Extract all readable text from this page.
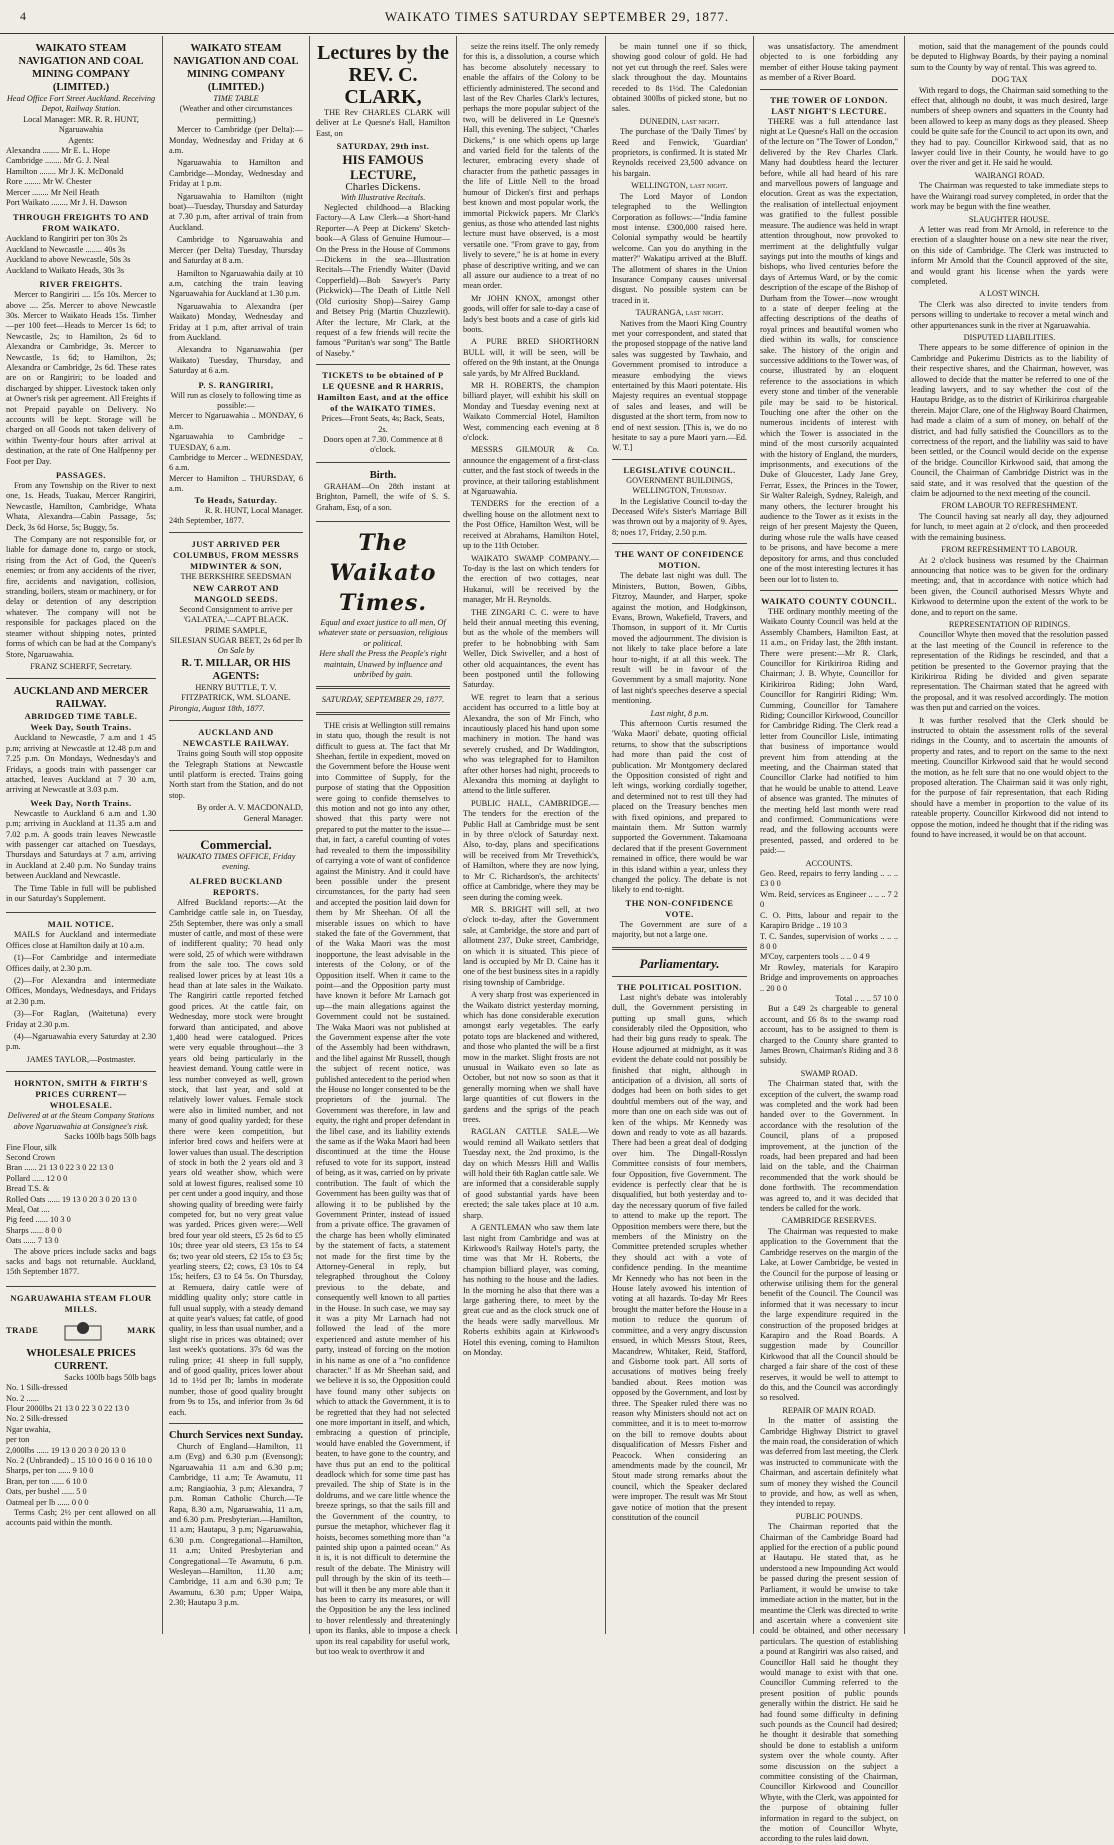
4	WAIKATO TIMES SATURDAY SEPTEMBER 29, 1877.
WAIKATO STEAM NAVIGATION AND COAL MINING COMPANY (LIMITED.)
Head Office Fort Street Auckland. Receiving Depot, Railway Station.
Local Manager: MR. R. R. HUNT, Ngaruawahia
Agents:
Alexandra ........ Mr E. L. Hope
Cambridge ........ Mr G. J. Neal
Hamilton ........ Mr J. K. McDonald
Rore ........ Mr W. Chester
Mercer ........ Mr Neil Heath
Port Waikato ........ Mr J. H. Dawson
THROUGH FREIGHTS TO AND FROM WAIKATO.
Auckland to Rangiriri per ton 30s 2s
Auckland to Newcastle ........ 40s 3s
Auckland to above Newcastle, 50s 3s
Auckland to Waikato Heads, 30s 3s
RIVER FREIGHTS.
Mercer to Rangiriri .... 15s 10s. Mercer to above .... 25s. Mercer to above Newcastle 30s. Mercer to Waikato Heads 15s. Timber—per 100 feet—Heads to Mercer 1s 6d; to Newcastle, 2s; to Hamilton, 2s 6d to Alexandra or Cambridge, 3s. Mercer to Newcastle, 1s 6d; to Hamilton, 2s; Alexandra or Cambridge, 2s 6d. These rates are on or Rangiriri; to be loaded and discharged by shipper. Livestock taken only at Owner's risk per agreement. All Freights if not Prepaid payable on Delivery. No accounts will be kept. Storage will be charged on all Goods not taken delivery of within Twenty-four hours after arrival at destination, at the rate of One Halfpenny per Foot per Day.
PASSAGES.
From any Township on the River to next one, 1s. Heads, Tuakau, Mercer Rangiriri, Newcastle, Hamilton, Cambridge, Whata Whata, Alexandra—Cabin Passage, 5s; Deck, 3s 6d Horse, 5s; Buggy, 5s.
The Company are not responsible for, or liable for damage done to, cargo or stock, rising from the Act of God, the Queen's enemies; or from any accidents of the river, fire, accidents and navigation, collision, stranding, boilers, steam or machinery, or for delay or detention of any description whatever. The company will not be responsible for packages placed on the steamer without shipping notes, printed forms of which can be had at the Company's Store, Ngaruawahia.
FRANZ SCHERFF, Secretary.
AUCKLAND AND MERCER RAILWAY.
ABRIDGED TIME TABLE.
Week Day, South Trains.
Auckland to Newcastle, 7 a.m and 1 45 p.m; arriving at Newcastle at 12.48 p.m and 7.25 p.m. On Mondays, Wednesday's and Fridays, a goods train with passenger car attached, leaves Auckland at 7 30 a.m, arriving at Newcastle at 3.03 p.m.
Week Day, North Trains.
Newcastle to Auckland 6 a.m and 1.30 p.m; arriving in Auckland at 11.35 a.m and 7.02 p.m. A goods train leaves Newcastle with passenger car attached on Tuesdays, Thursdays and Saturdays at 7 a.m, arriving in Auckland at 2.40 p.m. No Sunday trains between Auckland and Newcastle.
The Time Table in full will be published in our Saturday's Supplement.
MAIL NOTICE.
MAILS for Auckland and intermediate Offices close at Hamilton daily at 10 a.m.
(1)—For Cambridge and intermediate Offices daily, at 2.30 p.m.
(2)—For Alexandra and intermediate Offices, Mondays, Wednesdays, and Fridays at 2.30 p.m.
(3)—For Raglan, (Waitetuna) every Friday at 2.30 p.m.
(4)—Ngaruawahia every Saturday at 2.30 p.m.
JAMES TAYLOR,—Postmaster.
HORNTON, SMITH & FIRTH'S PRICES CURRENT—WHOLESALE.
Delivered at at the Steam Company Stations above Ngaruawahia at Consignee's risk.
Sacks 100lb bags 50lb bags
Fine Flour, silk
Second Crown
Bran ...... 21 13 0 22 3 0 22 13 0
Pollard ...... 12 0 0
Bread T.S. &
Rolled Oats ...... 19 13 0 20 3 0 20 13 0
Meal, Oat ....
Pig feed ...... 10 3 0
Sharps ...... 8 0 0
Oats ...... 7 13 0
The above prices include sacks and bags sacks and bags not returnable. Auckland, 15th September 1877.
NGARUAWAHIA STEAM FLOUR MILLS.
TRADE	MARK
WHOLESALE PRICES CURRENT.
Sacks 100lb bags 50lb bags
No. 1 Silk-dressed
No. 2 ......
Flour 2000lbs 21 13 0 22 3 0 22 13 0
No. 2 Silk-dressed
Ngar uwahia,
per ton
2,000lbs ...... 19 13 0 20 3 0 20 13 0
No. 2 (Unbranded) .. 15 10 0 16 0 0 16 10 0
Sharps, per ton ...... 9 10 0
Bran, per ton ...... 6 10 0
Oats, per bushel ...... 5 0
Oatmeal per lb ...... 0 0 0
Terms Cash; 2½ per cent allowed on all accounts paid within the month.
WAIKATO STEAM NAVIGATION AND COAL MINING COMPANY (LIMITED.)
TIME TABLE
(Weather and other circumstances permitting.)
Mercer to Cambridge (per Delta):—Monday, Wednesday and Friday at 6 a.m.
Ngaruawahia to Hamilton and Cambridge—Monday, Wednesday and Friday at 1 p.m.
Ngaruawahia to Hamilton (night boat)—Tuesday, Thursday and Saturday at 7.30 p.m, after arrival of train from Auckland.
Cambridge to Ngaruawahia and Mercer (per Delta) Tuesday, Thursday and Saturday at 8 a.m.
Hamilton to Ngaruawahia daily at 10 a.m, catching the train leaving Ngaruawahia for Auckland at 1.30 p.m.
Ngaruawahia to Alexandra (per Waikato) Monday, Wednesday and Friday at 1 p.m, after arrival of train from Auckland.
Alexandra to Ngaruawahia (per Waikato) Tuesday, Thursday, and Saturday at 6 a.m.
P. S. RANGIRIRI,
Will run as closely to following time as possible:—
Mercer to Ngaruawahia .. MONDAY, 6 a.m.
Ngaruawahia to Cambridge .. TUESDAY, 6 a.m.
Cambridge to Mercer .. WEDNESDAY, 6 a.m.
Mercer to Hamilton .. THURSDAY, 6 a.m.
To Heads, Saturday.
R. R. HUNT, Local Manager.
24th September, 1877.
JUST ARRIVED PER COLUMBUS, FROM MESSRS MIDWINTER & SON,
THE BERKSHIRE SEEDSMAN
NEW CARROT AND MANGOLD SEEDS.
Second Consignment to arrive per 'GALATEA,'—CAPT BLACK.
PRIME SAMPLE,
SILESIAN SUGAR BEET, 2s 6d per lb
On Sale by
R. T. MILLAR, OR HIS AGENTS:
HENRY BUTTLE, T. V. FITZPATRICK, WM. SLOANE.
Pirongia, August 18th, 1877.
AUCKLAND AND NEWCASTLE RAILWAY.
Trains going South will stop opposite the Telegraph Stations at Newcastle until platform is erected. Trains going North start from the Station, and do not stop.
By order A. V. MACDONALD, General Manager.
Commercial.
WAIKATO TIMES OFFICE, Friday evening.
ALFRED BUCKLAND REPORTS.
Alfred Buckland reports:—At the Cambridge cattle sale in, on Tuesday, 25th September, there was only a small muster of cattle, and most of these were of indifferent quality; 70 head only were sold, 25 of which were withdrawn from the sale too. The cows sold realised lower prices by at least 10s a head than at late sales in the Waikato. The Rangiriri cattle reported fetched good prices. At the cattle fair, on Wednesday, more stock were brought forward than anticipated, and above 1,400 head were catalogued. Prices were very equable throughout—the 3 years old being particularly in the heaviest demand. Young cattle were in less number conveyed as well, grown stock, that last year, and sold at relatively lower values. Female stock were also in limited number, and not many of good quality yarded; for these there were keen competition, but inferior bred cows and heifers were at lower values than usual. The description of stock in both the 2 years old and 3 years old weather show, which were sold at lowest figures, realised some 10 per cent under a good inquiry, and those showing quality of breeding were fairly competed for, but no very great value was yarded. Prices given were:—Well bred four year old steers, £5 2s 6d to £5 10s; three year old steers, £3 15s to £4 6s; two year old steers, £2 15s to £3 5s; yearling steers, £2; cows, £3 10s to £4 15s; heifers, £3 to £4 5s. On Thursday, at Remuera, dairy cattle were of middling quality only; store cattle in full usual supply, with a steady demand at quite year's values; fat cattle, of good quality, in less than usual number, and a slight rise in prices was obtained; over last week's quotations. 37s 6d was the ruling price; 41 sheep in full supply, and of good quality, prices lower about 1d to 1½d per lb; lambs in moderate number, those of good quality brought from 9s to 15s, and inferior from 3s 6d each.
Church Services next Sunday.
Church of England—Hamilton, 11 a.m (Evg) and 6.30 p.m (Evensong); Ngaruawahia 11 a.m and 6.30 p.m; Cambridge, 11 a.m; Te Awamutu, 11 a.m; Rangiaohia, 3 p.m; Alexandra, 7 p.m. Roman Catholic Church.—Te Rapa, 8.30 a.m, Ngaruawahia, 11 a.m, and 6.30 p.m. Presbyterian.—Hamilton, 11 a.m; Hautapu, 3 p.m; Ngaruawahia, 6.30 p.m. Congregational—Hamilton, 11 a.m; United Presbyterian and Congregational—Te Awamutu, 6 p.m. Wesleyan—Hamilton, 11.30 a.m; Cambridge, 11 a.m and 6.30 p.m; Te Awamutu, 6.30 p.m; Upper Waipa, 2.30; Hautapu 3 p.m.
Lectures by the
REV. C. CLARK,
THE Rev CHARLES CLARK will deliver at Le Quesne's Hall, Hamilton East, on
SATURDAY, 29th inst.
HIS FAMOUS LECTURE,
Charles Dickens.
With Illustrative Recitals.
Neglected childhood—a Blacking Factory—A Law Clerk—a Short-hand Reporter—A Peep at Dickens' Sketch-book—A Glass of Genuine Humour—On the Press in the House of Commons—Dickens in the sea—Illustration Recitals—The Friendly Waiter (David Copperfield)—Bob Sawyer's Party (Pickwick)—The Death of Little Nell (Old curiosity Shop)—Sairey Gamp and Betsey Prig (Martin Chuzzlewit). After the lecture, Mr Clark, at the request of a few friends will recite the famous "Puritan's war song" The Battle of Naseby."
TICKETS to be obtained of P LE QUESNE and R HARRIS, Hamilton East, and at the office of the WAIKATO TIMES.
Prices—Front Seats, 4s; Back, Seats, 2s.
Doors open at 7.30. Commence at 8 o'clock.
Birth.
GRAHAM—On 28th instant at Brighton, Parnell, the wife of S. S. Graham, Esq, of a son.
The Waikato Times.
Equal and exact justice to all men, Of whatever state or persuasion, religious or political.
Here shall the Press the People's right maintain, Unawed by influence and unbribed by gain.
SATURDAY, SEPTEMBER 29, 1877.
THE crisis at Wellington still remains in statu quo, though the result is not difficult to guess at. The fact that Mr Sheehan, fertile in expedient, moved on the Government before the House went into Committee of Supply, for the purpose of stating that the Opposition were going to confide themselves to this motion and not go into any other, showed that this party were not prepared to put the matter to the issue—that, in fact, a careful counting of votes had revealed to them the impossibility of carrying a vote of want of confidence against the Ministry. And it could have been possible under the present circumstances, for the party had seen and accepted the position laid down for them by Mr Sheehan. Of all the miserable issues on which to have staked the fate of the Government, that of the Waka Maori was the most inopportune, the least advisable in the interests of the Colony, or of the Opposition itself. When it came to the point—and the Opposition party must have known it before Mr Larnach got up—the main allegations against the Government could not be sustained. The Waka Maori was not published at the Government expense after the vote of the Assembly had been withdrawn, and the libel against Mr Russell, though the subject of recent notice, was published antecedent to the period when the House no longer consented to be the proprietors of the journal. The Government was therefore, in law and equity, the right and proper defendant in the libel case, and its liability extends the same as if the Waka Maori had been discontinued at the time the House refused to vote for its support, instead of being, as it was, carried on by private contribution. The fault of which the Government has been guilty was that of allowing it to be published by the Government Printer, instead of issued from a private office. The gravamen of the charge has been wholly eliminated by the statement of facts, a statement not made for the first time by the Attorney-General in reply, but telegraphed throughout the Colony previous to the debate, and consequently well known to all parties in the House. In such case, we may say it was a pity Mr Larnach had not followed the lead of the more experienced and astute member of his party, instead of forcing on the motion in his name as one of a "no confidence character." If as Mr Sheehan said, and we believe it is so, the Opposition could have found many other subjects on which to attack the Government, it is to be regretted that they had not selected one more important in itself, and which, embracing a question of principle, would have enabled the Government, if beaten, to have gone to the country, and have thus put an end to the political deadlock which for some time past has prevailed. The ship of State is in the doldrums, and we care little whence the breeze springs, so that the sails fill and the Government of the country, to pursue the metaphor, whichever flag it hoists, becomes something more than "a painted ship upon a painted ocean." As it is, it is not difficult to determine the result of the debate. The Ministry will pull through by the skin of its teeth—but will it then be any more able than it has been to carry its measures, or will the Opposition be any the less inclined to hover relentlessly and threateningly upon its flanks, able to impose a check upon its real capability for useful work, but too weak to overthrow it and
seize the reins itself. The only remedy for this is, a dissolution, a course which has become absolutely necessary to enable the affairs of the Colony to be efficiently administered. The second and last of the Rev Charles Clark's lectures, perhaps the more popular subject of the two, will be delivered in Le Quesne's Hall, this evening. The subject, "Charles Dickens," is one which opens up large and varied field for the talents of the lecturer, embracing every shade of character from the pathetic passages in the life of Little Nell to the broad humour of Dicken's first and perhaps best known and most popular work, the immortal Pickwick papers. Mr Clark's genius, as those who attended last nights lecture must have observed, is a most versatile one. "From grave to gay, from lively to severe," he is at home in every phase of descriptive writing, and we can all assure our audience to a treat of no mean order.
Mr JOHN KNOX, amongst other goods, will offer for sale to-day a case of lady's best boots and a case of girls kid boots.
A PURE BRED SHORTHORN BULL will, it will be seen, will be offered on the 9th instant, at the Onunga sale yards, by Mr Alfred Buckland.
MR H. ROBERTS, the champion billiard player, will exhibit his skill on Monday and Tuesday evening next at Waikato Commercial Hotel, Hamilton West, commencing each evening at 8 o'clock.
MESSRS GILMOUR & Co. announce the engagement of a first-class cutter, and the fast stock of tweeds in the province, at their tailoring establishment at Ngaruawahia.
TENDERS for the erection of a dwelling house on the allotment next to the Post Office, Hamilton West, will be received at Abrahams, Hamilton Hotel, up to the 11th October.
WAIKATO SWAMP COMPANY.—To-day is the last on which tenders for the erection of two cottages, near Hukanui, will be received by the manager, Mr H. Reynolds.
THE ZINGARI C. C. were to have held their annual meeting this evening, but as the whole of the members will prefer to be hobnobbing with Sam Weller, Dick Swiveller, and a host of other old acquaintances, the event has been postponed until the following Saturday.
WE regret to learn that a serious accident has occurred to a little boy at Alexandra, the son of Mr Finch, who incautiously placed his hand upon some machinery in motion. The hand was severely crushed, and Dr Waddington, who was telegraphed for to Hamilton after other horses had night, proceeds to Alexandra this morning at daylight to attend to the little sufferer.
PUBLIC HALL, CAMBRIDGE.—The tenders for the erection of the Public Hall at Cambridge must be sent in by three o'clock of Saturday next. Also, to-day, plans and specifications will be received from Mr Trevethick's, of Hamilton, where they are now lying, to Mr C. Richardson's, the architects' office at Cambridge, where they may be seen during the coming week.
MR S. BRIGHT will sell, at two o'clock to-day, after the Government sale, at Cambridge, the store and part of allotment 237, Duke street, Cambridge, on which it is situated. This piece of land is occupied by Mr D. Caine has it one of the best business sites in a rapidly rising township of Cambridge.
A very sharp frost was experienced in the Waikato district yesterday morning, which has done considerable execution amongst early vegetables. The early potato tops are blackened and withered, and those who planted the will be a first mow in the market. Slight frosts are not unusual in Waikato even so late as October, but not now so soon as that it generally morning when we shall have large quantities of cut flowers in the gardens and the sprigs of the peach trees.
RAGLAN CATTLE SALE.—We would remind all Waikato settlers that Tuesday next, the 2nd proximo, is the day on which Messrs Hill and Wallis will hold their 6th Raglan cattle sale. We are informed that a considerable supply of good substantial yards have been erected; the sale takes place at 10 a.m. sharp.
A GENTLEMAN who saw them late last night from Cambridge and was at Kirkwood's Railway Hotel's party, the time was that Mr H. Roberts, the champion billiard player, was coming, has nothing to the house and the ladies. In the morning he also that there was a large gathering there, to meet by the great cue and as the clock struck one of the heads were sadly marvellous. Mr Roberts exhibits again at Kirkwood's Hotel this evening, coming to Hamilton on Monday.
be main tunnel one if so thick, showing good colour of gold. He had not yet cut through the reef. Sales were slack throughout the day. Mountains receded to 8s 1½d. The Caledonian obtained 300lbs of picked stone, but no sales.
DUNEDIN, last night.
The purchase of the 'Daily Times' by Reed and Fenwick, 'Guardian' proprietors, is confirmed. It is stated Mr Reynolds received 23,500 advance on his bargain.
WELLINGTON, last night.
The Lord Mayor of London telegraphed to the Wellington Corporation as follows:—"India famine most intense. £300,000 raised here. Colonial sympathy would be heartily welcome. Can you do anything in the matter?" Wakatipu arrived at the Bluff. The allotment of shares in the Union Insurance Company causes universal disgust. No possible system can be traced in it.
TAURANGA, last night.
Natives from the Maori King Country met your correspondent, and stated that the proposed stoppage of the native land sales was suggested by Tawhaio, and Government promised to introduce a measure embodying the views entertained by this Maori potentate. His Majesty requires an eventual stoppage of sales and leases, and will be disgusted at the short term, from now to end of next session. [This is, we do no hesitate to say a pure Maori yarn.—Ed. W. T.]
LEGISLATIVE COUNCIL.
GOVERNMENT BUILDINGS, WELLINGTON, Thursday.
In the Legislative Council to-day the Deceased Wife's Sister's Marriage Bill was thrown out by a majority of 9. Ayes, 8; noes 17, Friday, 2.50 p.m.
THE WANT OF CONFIDENCE MOTION.
The debate last night was dull. The Ministers, Button, Bowen, Gibbs, Fitzroy, Maunder, and Harper, spoke against the motion, and Hodgkinson, Evans, Brown, Wakefield, Travers, and Thomson, in support of it. Mr Curtis moved the adjournment. The division is not likely to take place before a late hour to-night, if at all this week. The result will be in favour of the Government by a small majority. None of last night's speeches deserve a special mentioning.
Last night, 8 p.m.
This afternoon Curtis resumed the 'Waka Maori' debate, quoting official returns, to show that the subscriptions had more than paid the cost of publication. Mr Montgomery declared the Opposition consisted of right and left wings, working cordially together, and determined not to rest till they had placed on the Treasury benches men with fixed opinions, and prepared to maintain them. Mr Sutton warmly supported the Government. Takamoana declared that if the present Government remained in office, there would be war in this island within a year, unless they changed the policy. The debate is not likely to end to-night.
THE NON-CONFIDENCE VOTE.
The Government are sure of a majority, but not a large one.
Parliamentary.
THE POLITICAL POSITION.
Last night's debate was intolerably dull, the Government persisting in putting up small guns, which considerably riled the Opposition, who had their big guns ready to speak. The House adjourned at midnight, as it was evident the debate could not possibly be finished that night, although in anticipation of a division, all sorts of dodges had been on both sides to get doubtful members out of the way, and more than one on each side was out of ken of the whips. Mr Kennedy was down and ready to vote as all hazards. There had been a great deal of dodging over him. The Dingall-Rosslyn Committee consists of four members, four Opposition, five Government. The evidence is perfectly clear that he is disqualified, but both yesterday and to-day the necessary quorum of five failed to attend to make up the report. The Opposition members were there, but the members of the Ministry on the Committee pretended scruples whether they should act with a vote of confidence pending. In the meantime Mr Kennedy who has not been in the House lately avowed his intention of voting at all hazards. To-day Mr Rees brought the matter before the House in a motion to reduce the quorum of committee, and a very angry discussion ensued, in which Messrs Stout, Rees, Macandrew, Whitaker, Reid, Stafford, and Gisborne took part. All sorts of accusations of motives being freely bandied about. Rees motion was opposed by the Government, and lost by three. The Speaker ruled there was no reason why Ministers should not act on committee, and it is to meet to-morrow on the bill to remove doubts about disqualification of Messrs Fisher and Peacock. When considering an amendments made by the council, Mr Stout made strong remarks about the council, which the Speaker declared were improper. The result was Mr Stout gave notice of motion that the present constitution of the council
was unsatisfactory. The amendment objected to is one forbidding any member of either House taking payment as member of a River Board.
THE TOWER OF LONDON.
LAST NIGHT'S LECTURE.
THERE was a full attendance last night at Le Quesne's Hall on the occasion of the lecture on "The Tower of London," delivered by the Rev Charles Clark. Many had doubtless heard the lecturer before, while all had heard of his rare and marvellous powers of language and elocution. Great as was the expectation, the realisation of intellectual enjoyment was gratified to the fullest possible measure. The audience was held in wrapt attention throughout, now provoked to merriment at the delightfully vulgar sayings put into the mouths of kings and bishops, who lived centuries before the days of Artemus Ward, or by the comic description of the escape of the Bishop of Durham from the Tower—now wrought to a state of deeper feeling at the affecting descriptions of the deaths of royal princes and beautiful women who died within its walls, for conscience sake. The history of the origin and successive additions to the Tower was, of course, illustrated by an eloquent reference to the associations in which every stone and timber of the venerable pile may be said to be historical. Touching one after the other on the numerous incidents of interest with which the Tower is associated in the mind of the most cursorily acquainted with the history of England, the murders, imprisonments, and executions of the Duke of Gloucester, Lady Jane Grey, Ferrar, Essex, the Princes in the Tower, Sir Walter Raleigh, Sydney, Raleigh, and many others, the lecturer brought his audience to the Tower as it exists in the reign of her present Majesty the Queen, during whose rule the walls have ceased to be prisons, and have become a mere depository for arms, and thus concluded one of the most interesting lectures it has been our lot to listen to.
WAIKATO COUNTY COUNCIL.
THE ordinary monthly meeting of the Waikato County Council was held at the Assembly Chambers, Hamilton East, at 11 a.m., on Friday last, the 28th instant. There were present:—Mr R. Clark, Councillor for Kirikiriroa Riding and Chairman; J. B. Whyte, Councillor for Kirikiriroa Riding; John Ward, Councillor for Rangiriri Riding; Wm. Cumming, Councillor for Tamahere Riding; Councillor Kirkwood, Councillor for Cambridge Riding. The Clerk read a letter from Councillor Lisle, intimating that business of importance would prevent him from attending at the meeting, and the Chairman stated that Councillor Clarke had notified to him that he would be unable to attend. Leave of absence was granted. The minutes of the meeting held last month were read and confirmed. Communications were read, and the following accounts were presented, passed, and ordered to be paid:—
ACCOUNTS.
Geo. Reed, repairs to ferry landing .. .. .. £3 0 0
Wm. Reid, services as Engineer .. .. .. 7 2 0
C. O. Pitts, labour and repair to the Karapiro Bridge .. 19 10 3
T. C. Sandes, supervision of works .. .. .. 8 0 0
M'Coy, carpenters tools .. .. 0 4 9
Mr Rowley, materials for Karapiro Bridge and improvements on approaches .. 20 0 0
Total .. .. .. 57 10 0
But a £49 2s chargeable to general account, and £6 8s to the swamp road account, has to be assigned to them is charged to the County share granted to James Brown, Chairman's Riding and 3 8 subsidy.
SWAMP ROAD.
The Chairman stated that, with the exception of the culvert, the swamp road was completed and the work had been handed over to the Government. In accordance with the resolution of the Council, plans of a proposed improvement, at the junction of the roads, had been prepared and had been laid on the table, and the Chairman recommended that the work should be done forthwith. The recommendation was agreed to, and it was decided that tenders be called for the work.
CAMBRIDGE RESERVES.
The Chairman was requested to make application to the Government that the Cambridge reserves on the margin of the Lake, at Lower Cambridge, be vested in the Council for the purpose of leasing or otherwise utilising them for the general benefit of the Council. The Council was informed that it was necessary to incur the large expenditure required in the construction of the proposed bridges at Karapiro and the Road Boards. A suggestion made by Councillor Kirkwood that all the Council should be charged a fair share of the cost of these reserves, it would be well to attempt to do this, and the Council was accordingly so resolved.
REPAIR OF MAIN ROAD.
In the matter of assisting the Cambridge Highway District to gravel the main road, the consideration of which was deferred from last meeting, the Clerk was instructed to communicate with the Chairman, and ascertain definitely what sum of money they wished the Council to provide, and how, as well as when, they intended to repay.
PUBLIC POUNDS.
The Chairman reported that the Chairman of the Cambridge Board had applied for the erection of a public pound at Hautapu. He stated that, as he understood a new Impounding Act would be passed during the present session of Parliament, it would be unwise to take immediate action in the matter, but in the meantime the Clerk was directed to write and ascertain where a convenient site could be obtained, and other necessary particulars. The question of establishing a pound at Rangiriri was also raised, and Councillor Hall said he thought they would manage to exist with that one. Councillor Cumming referred to the present position of public pounds generally within the district. He said he had found some difficulty in defining such pounds as the Council had desired; he thought it desirable that something should be done to establish a uniform system over the whole county. After some discussion on the subject a committee consisting of the Chairman, Councillor Kirkwood and Councillor Whyte, with the Clerk, was appointed for the purpose of obtaining fuller information in regard to the subject, on the motion of Councillor Whyte, according to the rules laid down.
motion, said that the management of the pounds could be deputed to Highway Boards, by their paying a nominal sum to the County by way of rental. This was agreed to.
DOG TAX
With regard to dogs, the Chairman said something to the effect that, although no doubt, it was much desired, large numbers of sheep owners and squatters in the County had been allowed to keep as many dogs as they pleased. Sheep could be quite safe for the Council to act upon its own, and they had to pay. Councillor Kirkwood said, that as no lawyer could live in their County, he would have to go over the river and get it. He said he would.
WAIRANGI ROAD.
The Chairman was requested to take immediate steps to have the Wairangi road survey completed, in order that the work may be begun with the fine weather.
SLAUGHTER HOUSE.
A letter was read from Mr Arnold, in reference to the erection of a slaughter house on a new site near the river, on this side of Cambridge. The Clerk was instructed to inform Mr Arnold that the Council approved of the site, and would grant his license when the yards were completed.
A LOST WINCH.
The Clerk was also directed to invite tenders from persons willing to undertake to recover a metal winch and other appurtenances sunk in the river at Ngaruawahia.
DISPUTED LIABILITIES.
There appears to be some difference of opinion in the Cambridge and Pukerimu Districts as to the liability of their respective shares, and the Chairman, however, was allowed to decide that the matter be referred to one of the leading lawyers, and to say whether the cost of the Hautapu Bridge, as to the district of Kirikiriroa chargeable therein. Major Clare, one of the Highway Board Chairmen, had made a claim of a sum of money, on behalf of the district, and had fully satisfied the Councillors as to the correctness of the report, and the liability was said to have been settled, or the Council would decide on the expense of the bridge. Councillor Kirkwood said, that among the Council, the Chairman of Cambridge District was in the said state, and it was resolved that the question of the claim be adjourned to the next meeting of the council.
FROM LABOUR TO REFRESHMENT.
The Council having sat nearly all day, they adjourned for lunch, to meet again at 2 o'clock, and then proceeded with the remaining business.
FROM REFRESHMENT TO LABOUR.
At 2 o'clock business was resumed by the Chairman announcing that notice was to be given for the ordinary meeting; and, that in accordance with notice which had been given, the Council authorised Messrs Whyte and Kirkwood to determine upon the extent of the work to be done, and to report on the same.
REPRESENTATION OF RIDINGS.
Councillor Whyte then moved that the resolution passed at the last meeting of the Council in reference to the representation of the Ridings be rescinded, and that a petition be presented to the Governor praying that the Kirikiriroa Riding be divided and given separate representation. The Chairman stated that he agreed with the proposal, and it was resolved accordingly. The motion was then put and carried on the voices.
It was further resolved that the Clerk should be instructed to obtain the assessment rolls of the several ridings in the County, and to ascertain the amounts of property and rates, and to report on the same to the next meeting. Councillor Kirkwood said that he would second the motion, as he felt sure that no one would object to the proposed alteration. The Chairman said it was only right, for the purpose of fair representation, that each Riding should have a member in proportion to the value of its rateable property. Councillor Kirkwood did not intend to oppose the motion, indeed he thought that if the riding was found to have increased, it would be on that account.
